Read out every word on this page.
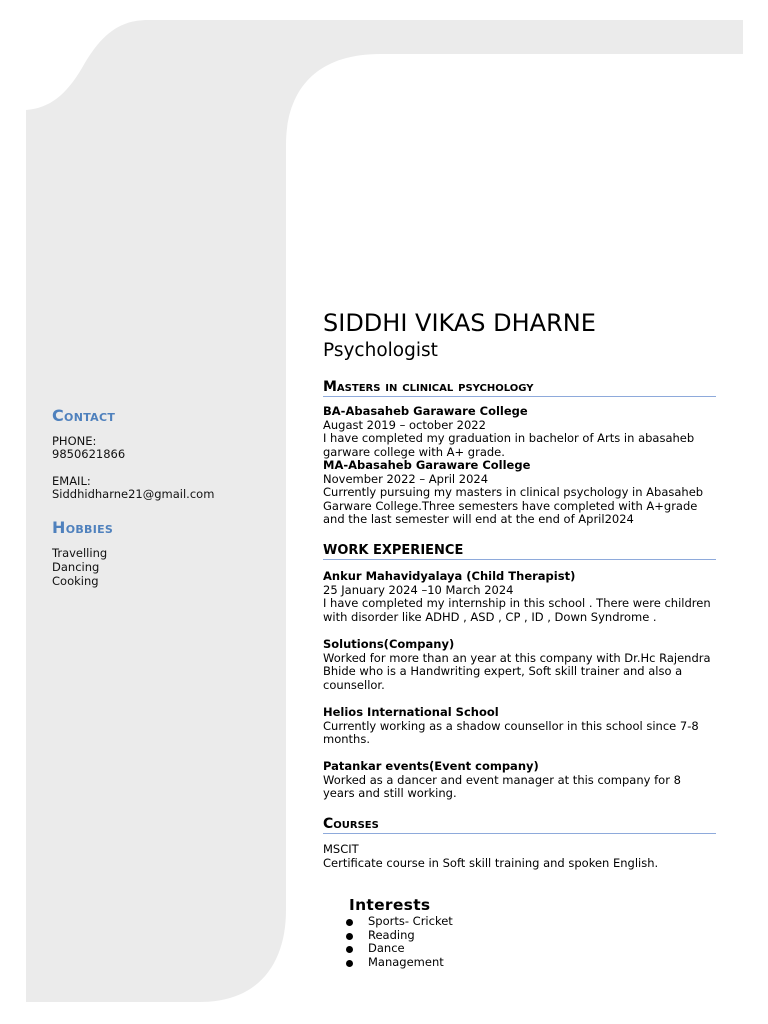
Contact
PHONE:
9850621866
EMAIL:
Siddhidharne21@gmail.com
Hobbies
Travelling
Dancing
Cooking
SIDDHI VIKAS DHARNE
Psychologist
Masters in clinical psychology
BA-Abasaheb Garaware College
Augast 2019 – october 2022
I have completed my graduation in bachelor of Arts in abasaheb garware college with A+ grade.
MA-Abasaheb Garaware College
November 2022 – April 2024
Currently pursuing my masters in clinical psychology in Abasaheb Garware College.Three semesters have completed with A+grade and the last semester will end at the end of April2024
WORK EXPERIENCE
Ankur Mahavidyalaya (Child Therapist)
25 January 2024 –10 March 2024
I have completed my internship in this school . There were children with disorder like ADHD , ASD , CP , ID , Down Syndrome .
Solutions(Company)
Worked for more than an year at this company with Dr.Hc Rajendra Bhide who is a Handwriting expert, Soft skill trainer and also a counsellor.
Helios International School
Currently working as a shadow counsellor in this school since 7-8 months.
Patankar events(Event company)
Worked as a dancer and event manager at this company for 8 years and still working.
Courses
MSCIT
Certificate course in Soft skill training and spoken English.
Interests
Sports- Cricket
Reading
Dance
Management
